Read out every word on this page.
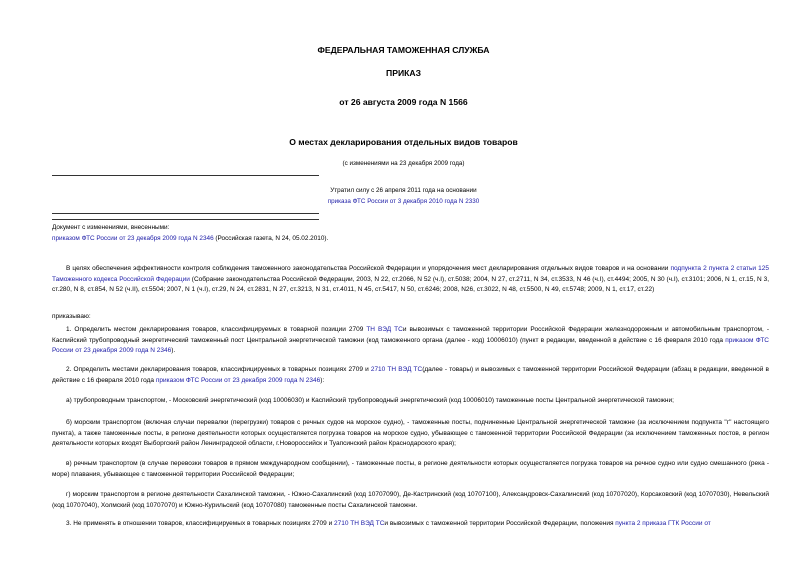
ФЕДЕРАЛЬНАЯ ТАМОЖЕННАЯ СЛУЖБА
ПРИКАЗ
от 26 августа 2009 года N 1566
О местах декларирования отдельных видов товаров
(с изменениями на 23 декабря 2009 года)
Утратил силу с 26 апреля 2011 года на основании
приказа ФТС России от 3 декабря 2010 года N 2330
Документ с изменениями, внесенными:
приказом ФТС России от 23 декабря 2009 года N 2346 (Российская газета, N 24, 05.02.2010).
В целях обеспечения эффективности контроля соблюдения таможенного законодательства Российской Федерации и упорядочения мест декларирования отдельных видов товаров и на основании подпункта 2 пункта 2 статьи 125 Таможенного кодекса Российской Федерации (Собрание законодательства Российской Федерации, 2003, N 22, ст.2066, N 52 (ч.I), ст.5038; 2004, N 27, ст.2711, N 34, ст.3533, N 46 (ч.I), ст.4494; 2005, N 30 (ч.I), ст.3101; 2006, N 1, ст.15, N 3, ст.280, N 8, ст.854, N 52 (ч.II), ст.5504; 2007, N 1 (ч.I), ст.29, N 24, ст.2831, N 27, ст.3213, N 31, ст.4011, N 45, ст.5417, N 50, ст.6246; 2008, N26, ст.3022, N 48, ст.5500, N 49, ст.5748; 2009, N 1, ст.17, ст.22)
приказываю:
1. Определить местом декларирования товаров, классифицируемых в товарной позиции 2709 ТН ВЭД ТСи вывозимых с таможенной территории Российской Федерации железнодорожным и автомобильным транспортом, - Каспийский трубопроводный энергетический таможенный пост Центральной энергетической таможни (код таможенного органа (далее - код) 10006010) (пункт в редакции, введенной в действие с 16 февраля 2010 года приказом ФТС России от 23 декабря 2009 года N 2346).
2. Определить местами декларирования товаров, классифицируемых в товарных позициях 2709 и 2710 ТН ВЭД ТС(далее - товары) и вывозимых с таможенной территории Российской Федерации (абзац в редакции, введенной в действие с 16 февраля 2010 года приказом ФТС России от 23 декабря 2009 года N 2346):
а) трубопроводным транспортом, - Московский энергетический (код 10006030) и Каспийский трубопроводный энергетический (код 10006010) таможенные посты Центральной энергетической таможни;
б) морским транспортом (включая случаи перевалки (перегрузки) товаров с речных судов на морское судно), - таможенные посты, подчиненные Центральной энергетической таможне (за исключением подпункта "г" настоящего пункта), а также таможенные посты, в регионе деятельности которых осуществляется погрузка товаров на морское судно, убывающее с таможенной территории Российской Федерации (за исключением таможенных постов, в регион деятельности которых входят Выборгский район Ленинградской области, г.Новороссийск и Туапсинский район Краснодарского края);
в) речным транспортом (в случае перевозки товаров в прямом международном сообщении), - таможенные посты, в регионе деятельности которых осуществляется погрузка товаров на речное судно или судно смешанного (река - море) плавания, убывающее с таможенной территории Российской Федерации;
г) морским транспортом в регионе деятельности Сахалинской таможни, - Южно-Сахалинский (код 10707090), Де-Кастринский (код 10707100), Александровск-Сахалинский (код 10707020), Корсаковский (код 10707030), Невельский (код 10707040), Холмский (код 10707070) и Южно-Курильский (код 10707080) таможенные посты Сахалинской таможни.
3. Не применять в отношении товаров, классифицируемых в товарных позициях 2709 и 2710 ТН ВЭД ТСи вывозимых с таможенной территории Российской Федерации, положения пункта 2 приказа ГТК России от
